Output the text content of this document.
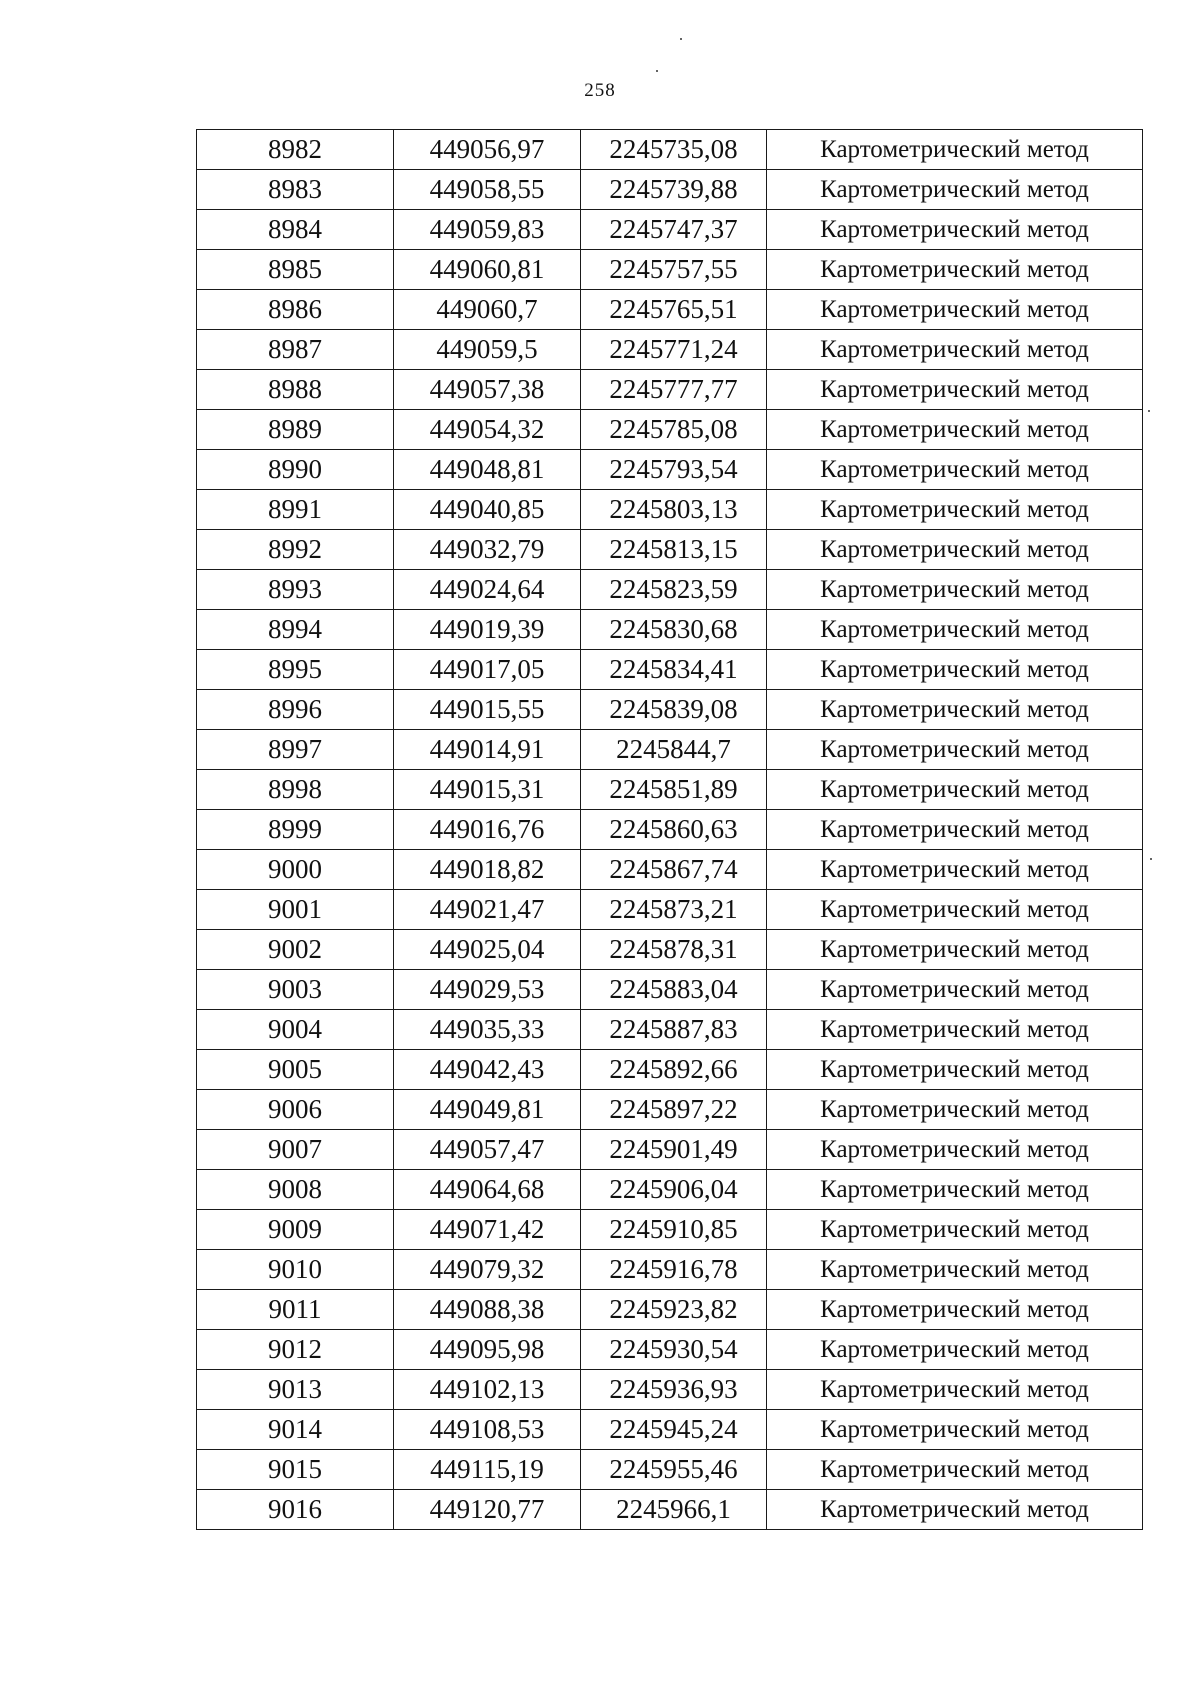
258
8982	449056,97	2245735,08	Картометрический метод
8983	449058,55	2245739,88	Картометрический метод
8984	449059,83	2245747,37	Картометрический метод
8985	449060,81	2245757,55	Картометрический метод
8986	449060,7	2245765,51	Картометрический метод
8987	449059,5	2245771,24	Картометрический метод
8988	449057,38	2245777,77	Картометрический метод
8989	449054,32	2245785,08	Картометрический метод
8990	449048,81	2245793,54	Картометрический метод
8991	449040,85	2245803,13	Картометрический метод
8992	449032,79	2245813,15	Картометрический метод
8993	449024,64	2245823,59	Картометрический метод
8994	449019,39	2245830,68	Картометрический метод
8995	449017,05	2245834,41	Картометрический метод
8996	449015,55	2245839,08	Картометрический метод
8997	449014,91	2245844,7	Картометрический метод
8998	449015,31	2245851,89	Картометрический метод
8999	449016,76	2245860,63	Картометрический метод
9000	449018,82	2245867,74	Картометрический метод
9001	449021,47	2245873,21	Картометрический метод
9002	449025,04	2245878,31	Картометрический метод
9003	449029,53	2245883,04	Картометрический метод
9004	449035,33	2245887,83	Картометрический метод
9005	449042,43	2245892,66	Картометрический метод
9006	449049,81	2245897,22	Картометрический метод
9007	449057,47	2245901,49	Картометрический метод
9008	449064,68	2245906,04	Картометрический метод
9009	449071,42	2245910,85	Картометрический метод
9010	449079,32	2245916,78	Картометрический метод
9011	449088,38	2245923,82	Картометрический метод
9012	449095,98	2245930,54	Картометрический метод
9013	449102,13	2245936,93	Картометрический метод
9014	449108,53	2245945,24	Картометрический метод
9015	449115,19	2245955,46	Картометрический метод
9016	449120,77	2245966,1	Картометрический метод
